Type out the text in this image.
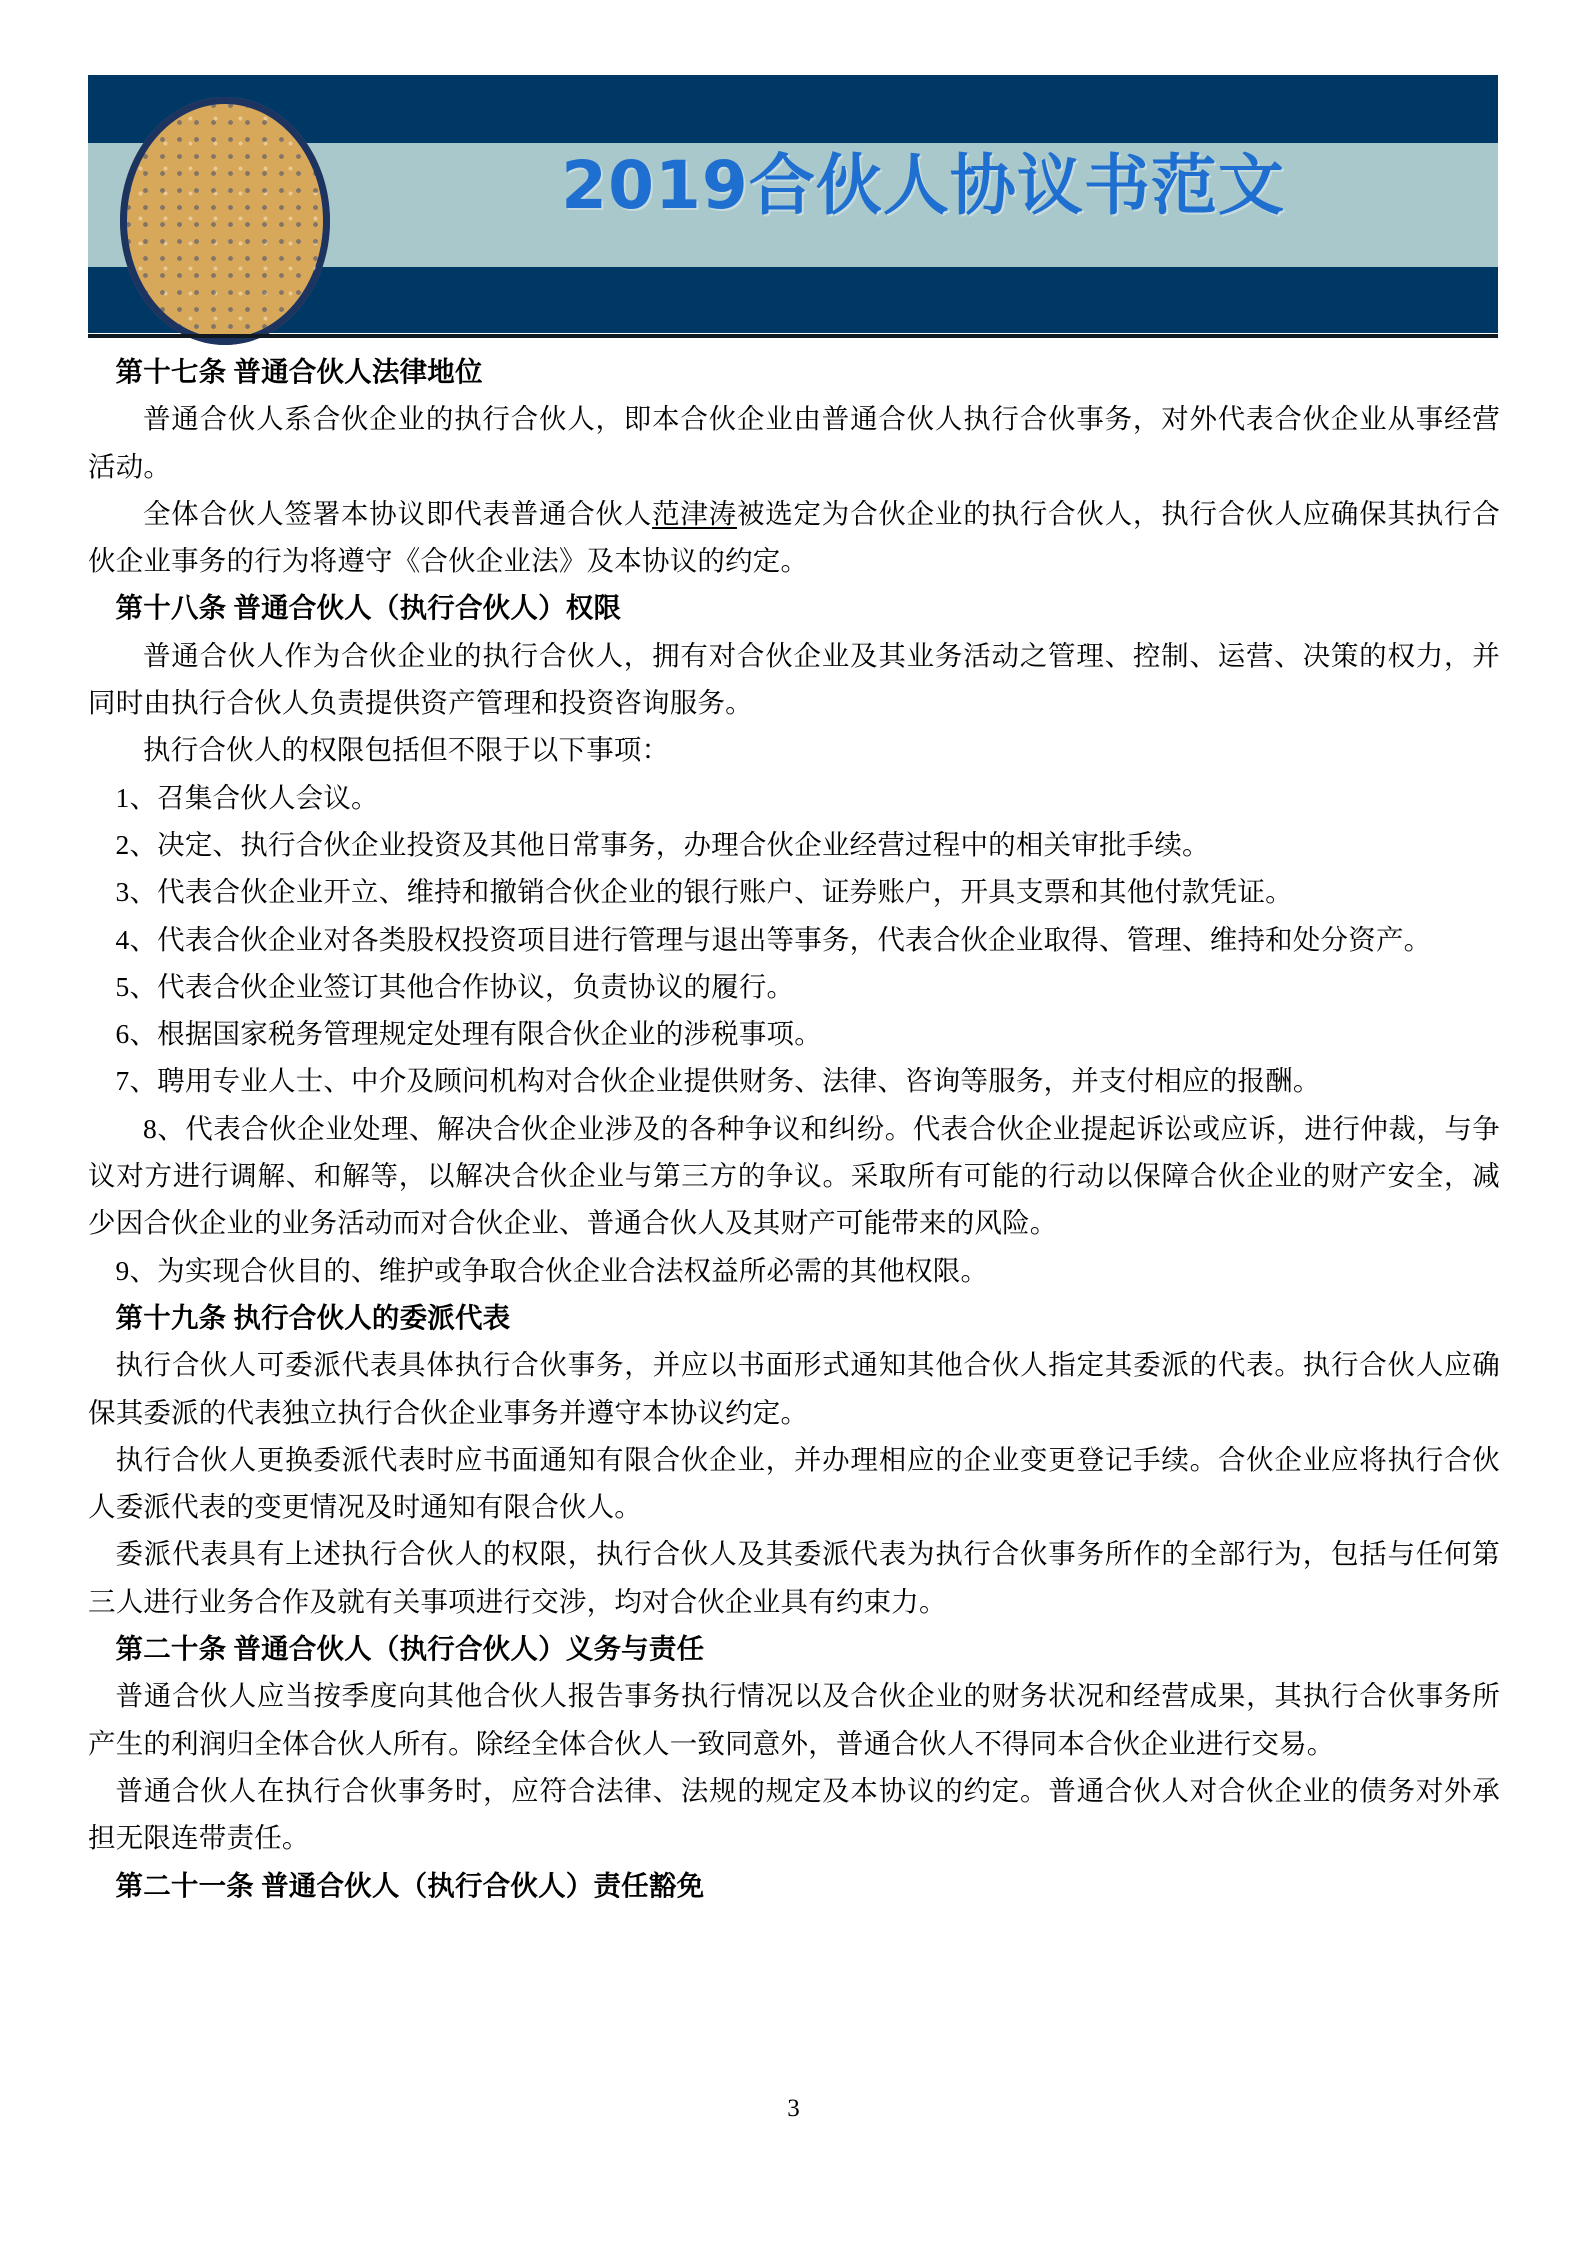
2019合伙人协议书范文

第十七条 普通合伙人法律地位

普通合伙人系合伙企业的执行合伙人，即本合伙企业由普通合伙人执行合伙事务，对外代表合伙企业从事经营活动。

全体合伙人签署本协议即代表普通合伙人范津涛被选定为合伙企业的执行合伙人，执行合伙人应确保其执行合伙企业事务的行为将遵守《合伙企业法》及本协议的约定。

第十八条 普通合伙人（执行合伙人）权限

普通合伙人作为合伙企业的执行合伙人，拥有对合伙企业及其业务活动之管理、控制、运营、决策的权力，并同时由执行合伙人负责提供资产管理和投资咨询服务。

执行合伙人的权限包括但不限于以下事项：

1、召集合伙人会议。

2、决定、执行合伙企业投资及其他日常事务，办理合伙企业经营过程中的相关审批手续。

3、代表合伙企业开立、维持和撤销合伙企业的银行账户、证券账户，开具支票和其他付款凭证。

4、代表合伙企业对各类股权投资项目进行管理与退出等事务，代表合伙企业取得、管理、维持和处分资产。

5、代表合伙企业签订其他合作协议，负责协议的履行。

6、根据国家税务管理规定处理有限合伙企业的涉税事项。

7、聘用专业人士、中介及顾问机构对合伙企业提供财务、法律、咨询等服务，并支付相应的报酬。

8、代表合伙企业处理、解决合伙企业涉及的各种争议和纠纷。代表合伙企业提起诉讼或应诉，进行仲裁，与争议对方进行调解、和解等，以解决合伙企业与第三方的争议。采取所有可能的行动以保障合伙企业的财产安全，减少因合伙企业的业务活动而对合伙企业、普通合伙人及其财产可能带来的风险。

9、为实现合伙目的、维护或争取合伙企业合法权益所必需的其他权限。

第十九条 执行合伙人的委派代表

执行合伙人可委派代表具体执行合伙事务，并应以书面形式通知其他合伙人指定其委派的代表。执行合伙人应确保其委派的代表独立执行合伙企业事务并遵守本协议约定。

执行合伙人更换委派代表时应书面通知有限合伙企业，并办理相应的企业变更登记手续。合伙企业应将执行合伙人委派代表的变更情况及时通知有限合伙人。

委派代表具有上述执行合伙人的权限，执行合伙人及其委派代表为执行合伙事务所作的全部行为，包括与任何第三人进行业务合作及就有关事项进行交涉，均对合伙企业具有约束力。

第二十条 普通合伙人（执行合伙人）义务与责任

普通合伙人应当按季度向其他合伙人报告事务执行情况以及合伙企业的财务状况和经营成果，其执行合伙事务所产生的利润归全体合伙人所有。除经全体合伙人一致同意外，普通合伙人不得同本合伙企业进行交易。

普通合伙人在执行合伙事务时，应符合法律、法规的规定及本协议的约定。普通合伙人对合伙企业的债务对外承担无限连带责任。

第二十一条 普通合伙人（执行合伙人）责任豁免

3
